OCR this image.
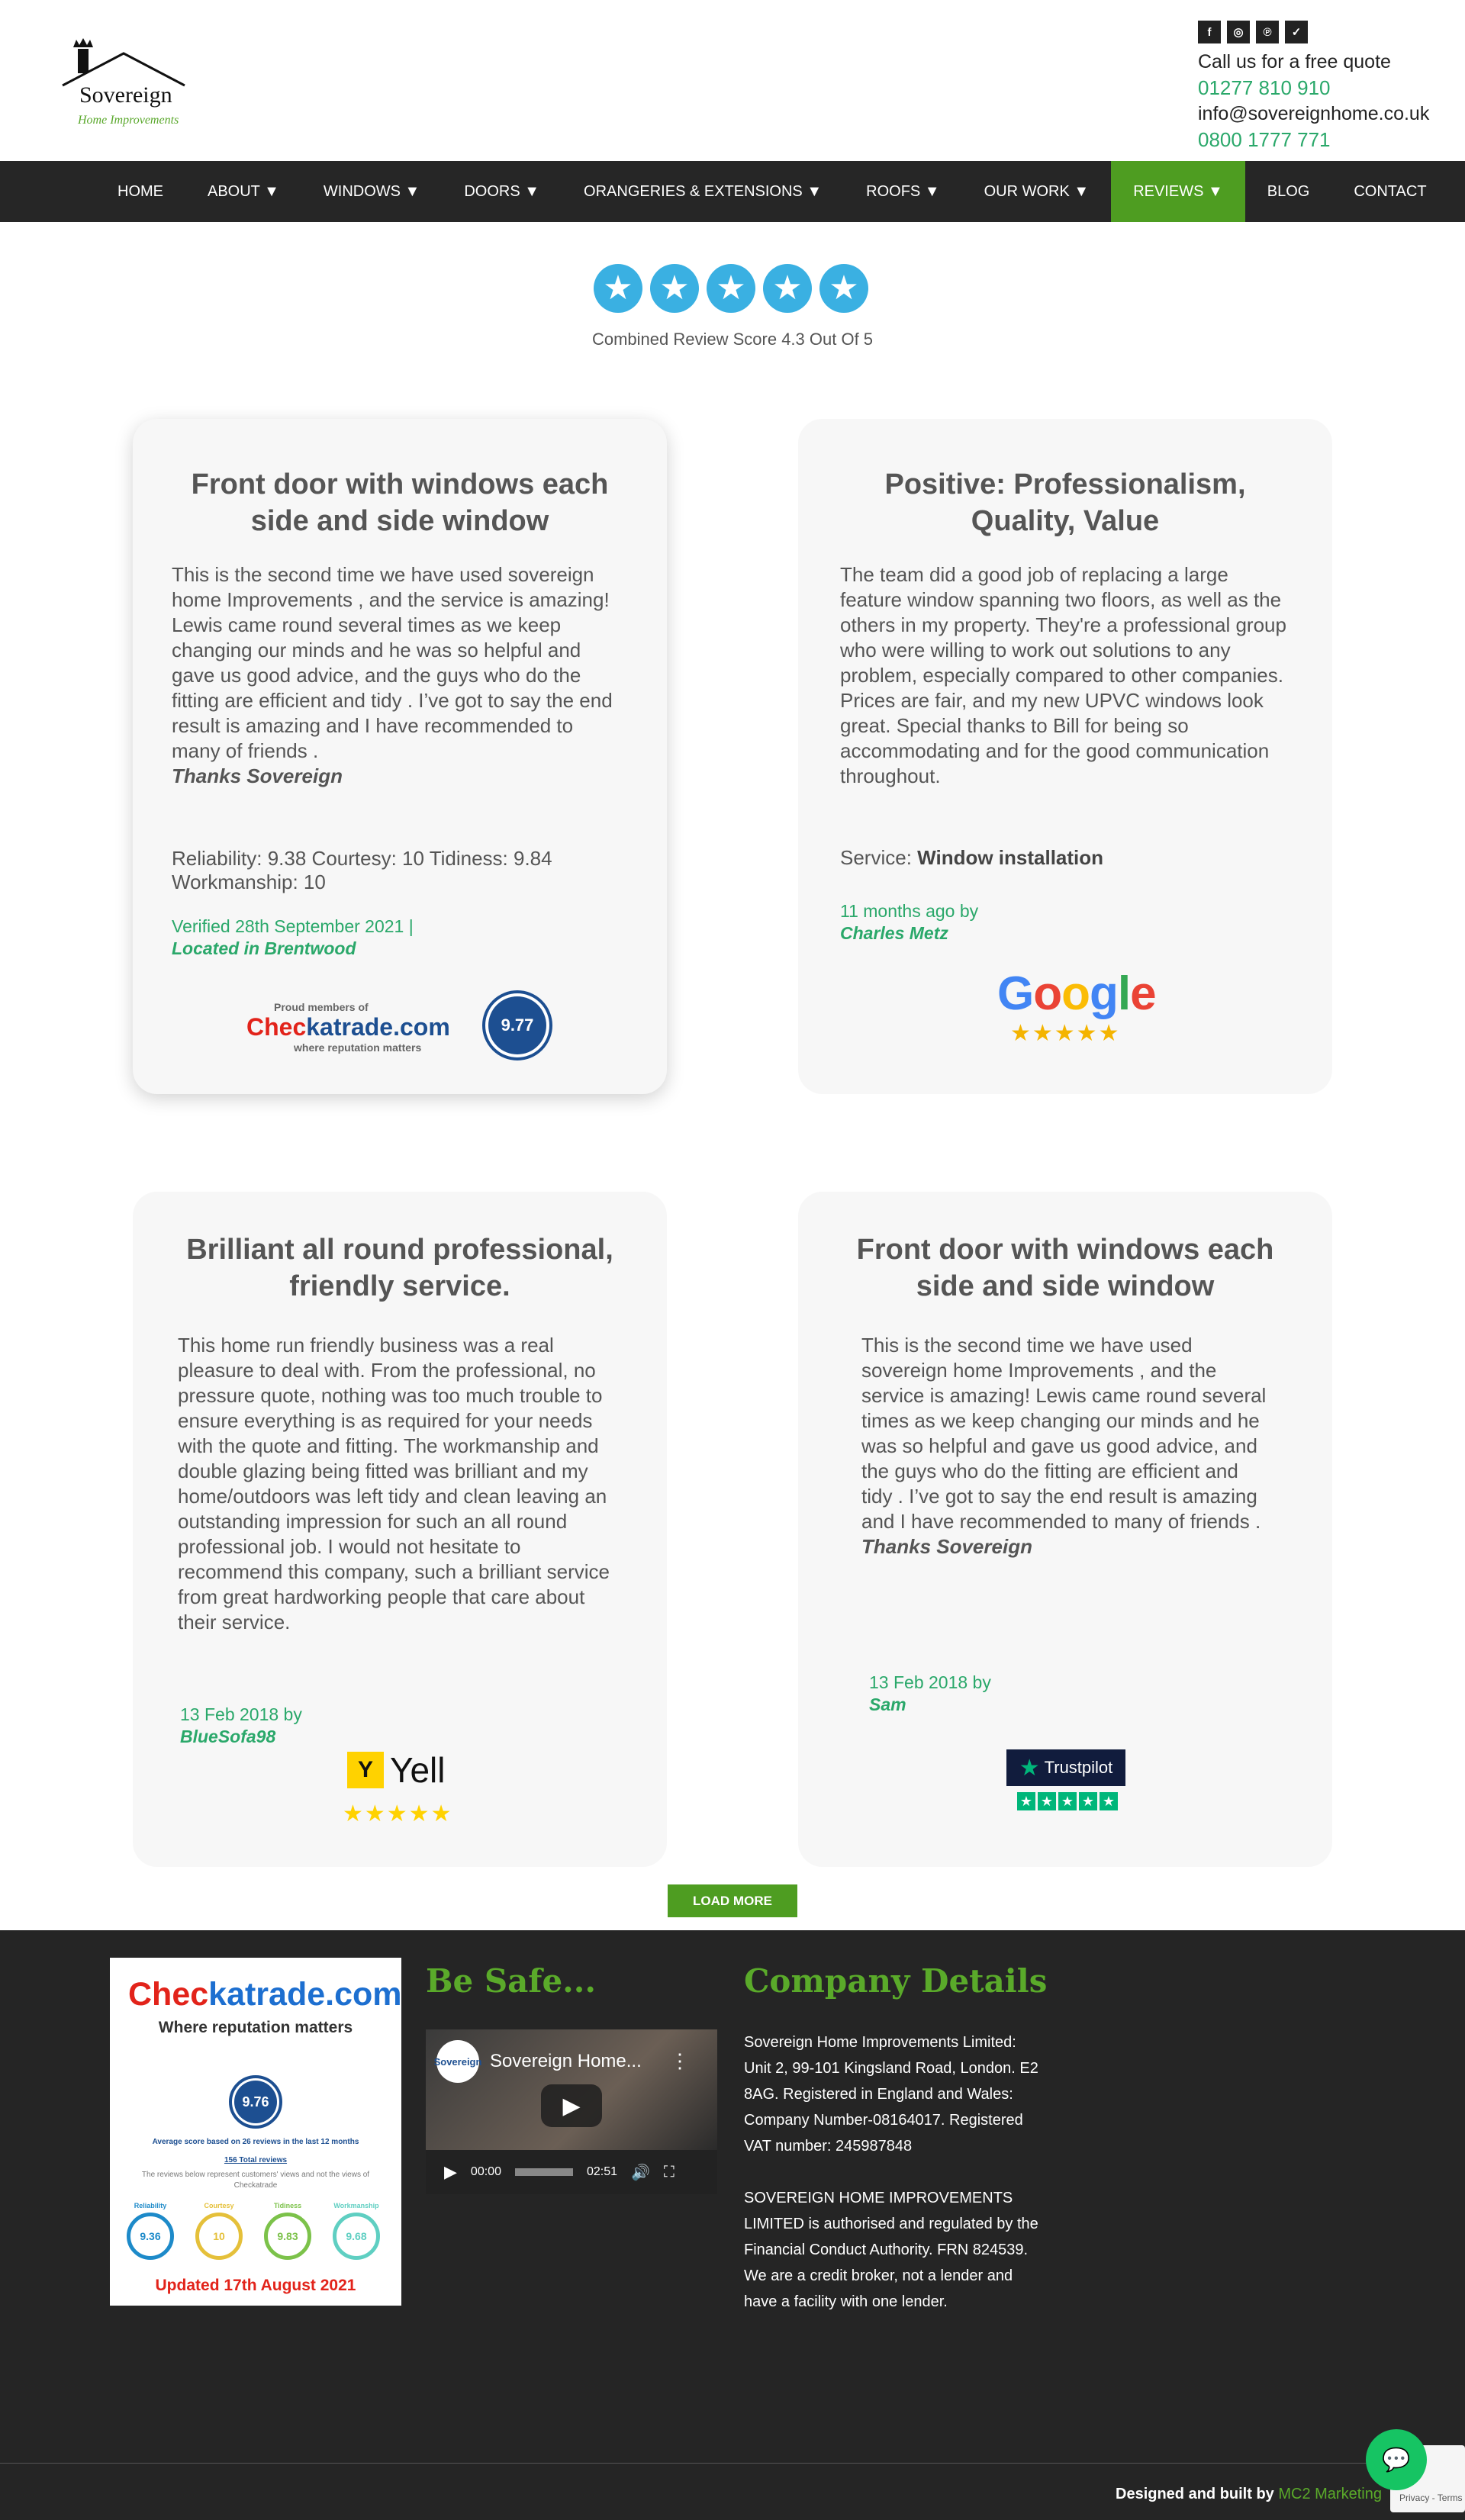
Sovereign
Home Improvements
f	◎	℗	✓
Call us for a free quote
01277 810 910
info@sovereignhome.co.uk
0800 1777 771
HOME	ABOUT ▼	WINDOWS ▼	DOORS ▼	ORANGERIES & EXTENSIONS ▼	ROOFS ▼	OUR WORK ▼	REVIEWS ▼	BLOG	CONTACT
★ ★ ★ ★ ★
Combined Review Score 4.3 Out Of 5
Front door with windows each side and side window
This is the second time we have used sovereign home Improvements , and the service is amazing! Lewis came round several times as we keep changing our minds and he was so helpful and gave us good advice, and the guys who do the fitting are efficient and tidy . I’ve got to say the end result is amazing and I have recommended to many of friends .
Thanks Sovereign
Reliability: 9.38 Courtesy: 10 Tidiness: 9.84
Workmanship: 10
Verified 28th September 2021 |
Located in Brentwood
Proud members of
Checkatrade.com
where reputation matters
9.77
Positive: Professionalism, Quality, Value
The team did a good job of replacing a large feature window spanning two floors, as well as the others in my property. They're a professional group who were willing to work out solutions to any problem, especially compared to other companies. Prices are fair, and my new UPVC windows look great. Special thanks to Bill for being so accommodating and for the good communication throughout.
Service: Window installation
11 months ago by
Charles Metz
Google
★★★★★
Brilliant all round professional, friendly service.
This home run friendly business was a real pleasure to deal with. From the professional, no pressure quote, nothing was too much trouble to ensure everything is as required for your needs with the quote and fitting. The workmanship and double glazing being fitted was brilliant and my home/outdoors was left tidy and clean leaving an outstanding impression for such an all round professional job. I would not hesitate to recommend this company, such a brilliant service from great hardworking people that care about their service.
13 Feb 2018 by
BlueSofa98
Y Yell
★★★★★
Front door with windows each side and side window
This is the second time we have used sovereign home Improvements , and the service is amazing! Lewis came round several times as we keep changing our minds and he was so helpful and gave us good advice, and the guys who do the fitting are efficient and tidy . I’ve got to say the end result is amazing and I have recommended to many of friends .
Thanks Sovereign
13 Feb 2018 by
Sam
★ Trustpilot
★ ★ ★ ★ ★
LOAD MORE
Checkatrade.com
Where reputation matters
9.76
Average score based on 26 reviews in the last 12 months
156 Total reviews
The reviews below represent customers' views and not the views of Checkatrade
Reliability
9.36
Courtesy
10
Tidiness
9.83
Workmanship
9.68
Updated 17th August 2021
Be Safe...	Company Details
Sovereign Sovereign Home... ⋮
▶
▶ 00:00	02:51 🔊 ⛶

Sovereign Home Improvements Limited: Unit 2, 99-101 Kingsland Road, London. E2 8AG. Registered in England and Wales: Company Number-08164017. Registered VAT number: 245987848

SOVEREIGN HOME IMPROVEMENTS LIMITED is authorised and regulated by the Financial Conduct Authority. FRN 824539. We are a credit broker, not a lender and have a facility with one lender.

Designed and built by MC2 Marketing Privacy - Terms
💬
